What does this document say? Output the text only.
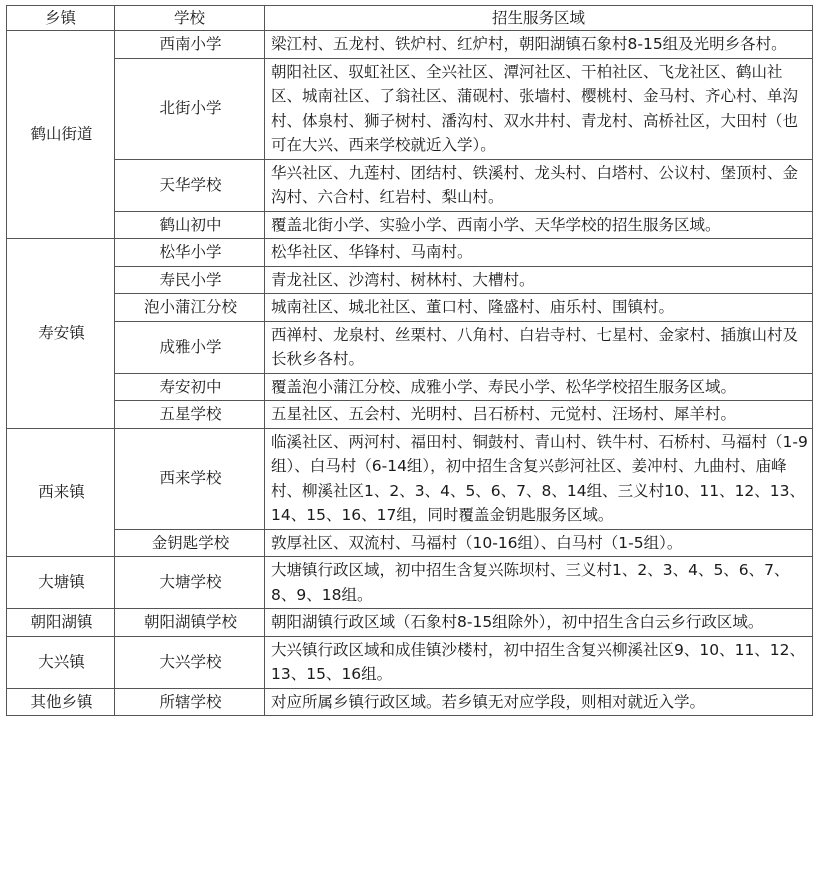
乡镇	学校	招生服务区域
鹤山街道	西南小学	梁江村、五龙村、铁炉村、红炉村，朝阳湖镇石象村8-15组及光明乡各村。
	北街小学	朝阳社区、驭虹社区、全兴社区、潭河社区、干柏社区、飞龙社区、鹤山社区、城南社区、了翁社区、蒲砚村、张墙村、樱桃村、金马村、齐心村、单沟村、体泉村、狮子树村、潘沟村、双水井村、青龙村、高桥社区，大田村（也可在大兴、西来学校就近入学）。
	天华学校	华兴社区、九莲村、团结村、铁溪村、龙头村、白塔村、公议村、堡顶村、金沟村、六合村、红岩村、梨山村。
	鹤山初中	覆盖北街小学、实验小学、西南小学、天华学校的招生服务区域。
寿安镇	松华小学	松华社区、华锋村、马南村。
	寿民小学	青龙社区、沙湾村、树林村、大槽村。
	泡小蒲江分校	城南社区、城北社区、董口村、隆盛村、庙乐村、围镇村。
	成雅小学	西禅村、龙泉村、丝栗村、八角村、白岩寺村、七星村、金家村、插旗山村及长秋乡各村。
	寿安初中	覆盖泡小蒲江分校、成雅小学、寿民小学、松华学校招生服务区域。
	五星学校	五星社区、五会村、光明村、吕石桥村、元觉村、汪场村、犀羊村。
西来镇	西来学校	临溪社区、两河村、福田村、铜鼓村、青山村、铁牛村、石桥村、马福村（1-9组）、白马村（6-14组），初中招生含复兴彭河社区、姜冲村、九曲村、庙峰村、柳溪社区1、2、3、4、5、6、7、8、14组、三义村10、11、12、13、14、15、16、17组，同时覆盖金钥匙服务区域。
	金钥匙学校	敦厚社区、双流村、马福村（10-16组）、白马村（1-5组）。
大塘镇	大塘学校	大塘镇行政区域，初中招生含复兴陈坝村、三义村1、2、3、4、5、6、7、8、9、18组。
朝阳湖镇	朝阳湖镇学校	朝阳湖镇行政区域（石象村8-15组除外），初中招生含白云乡行政区域。
大兴镇	大兴学校	大兴镇行政区域和成佳镇沙楼村，初中招生含复兴柳溪社区9、10、11、12、13、15、16组。
其他乡镇	所辖学校	对应所属乡镇行政区域。若乡镇无对应学段，则相对就近入学。
